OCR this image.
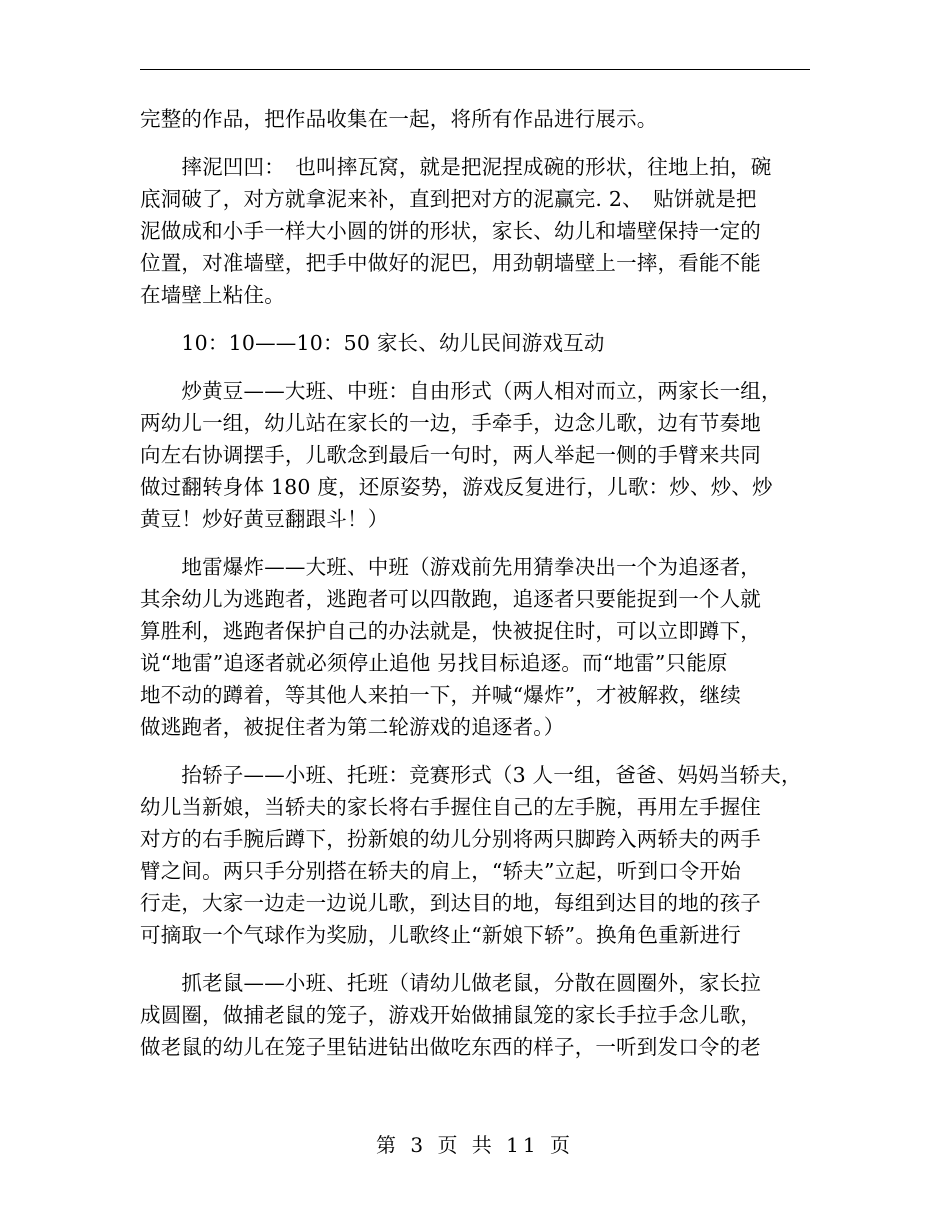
完整的作品，把作品收集在一起，将所有作品进行展示。

　　摔泥凹凹：　也叫摔瓦窝，就是把泥捏成碗的形状，往地上拍，碗
底洞破了，对方就拿泥来补，直到把对方的泥赢完. 2、　贴饼就是把
泥做成和小手一样大小圆的饼的形状，家长、幼儿和墙壁保持一定的
位置，对准墙壁，把手中做好的泥巴，用劲朝墙壁上一摔，看能不能
在墙壁上粘住。

　　10：10——10：50 家长、幼儿民间游戏互动

　　炒黄豆——大班、中班：自由形式（两人相对而立，两家长一组，
两幼儿一组，幼儿站在家长的一边，手牵手，边念儿歌，边有节奏地
向左右协调摆手，儿歌念到最后一句时，两人举起一侧的手臂来共同
做过翻转身体 180 度，还原姿势，游戏反复进行，儿歌：炒、炒、炒
黄豆！炒好黄豆翻跟斗！）

　　地雷爆炸——大班、中班（游戏前先用猜拳决出一个为追逐者，
其余幼儿为逃跑者，逃跑者可以四散跑，追逐者只要能捉到一个人就
算胜利，逃跑者保护自己的办法就是，快被捉住时，可以立即蹲下，
说“地雷”追逐者就必须停止追他 另找目标追逐。而“地雷”只能原
地不动的蹲着，等其他人来拍一下，并喊“爆炸”，才被解救，继续
做逃跑者，被捉住者为第二轮游戏的追逐者。）

　　抬轿子——小班、托班：竞赛形式（3 人一组，爸爸、妈妈当轿夫，
幼儿当新娘，当轿夫的家长将右手握住自己的左手腕，再用左手握住
对方的右手腕后蹲下，扮新娘的幼儿分别将两只脚跨入两轿夫的两手
臂之间。两只手分别搭在轿夫的肩上，“轿夫”立起，听到口令开始
行走，大家一边走一边说儿歌，到达目的地，每组到达目的地的孩子
可摘取一个气球作为奖励，儿歌终止“新娘下轿”。换角色重新进行

　　抓老鼠——小班、托班（请幼儿做老鼠，分散在圆圈外，家长拉
成圆圈，做捕老鼠的笼子，游戏开始做捕鼠笼的家长手拉手念儿歌，
做老鼠的幼儿在笼子里钻进钻出做吃东西的样子，一听到发口令的老

第 3 页 共 11 页
